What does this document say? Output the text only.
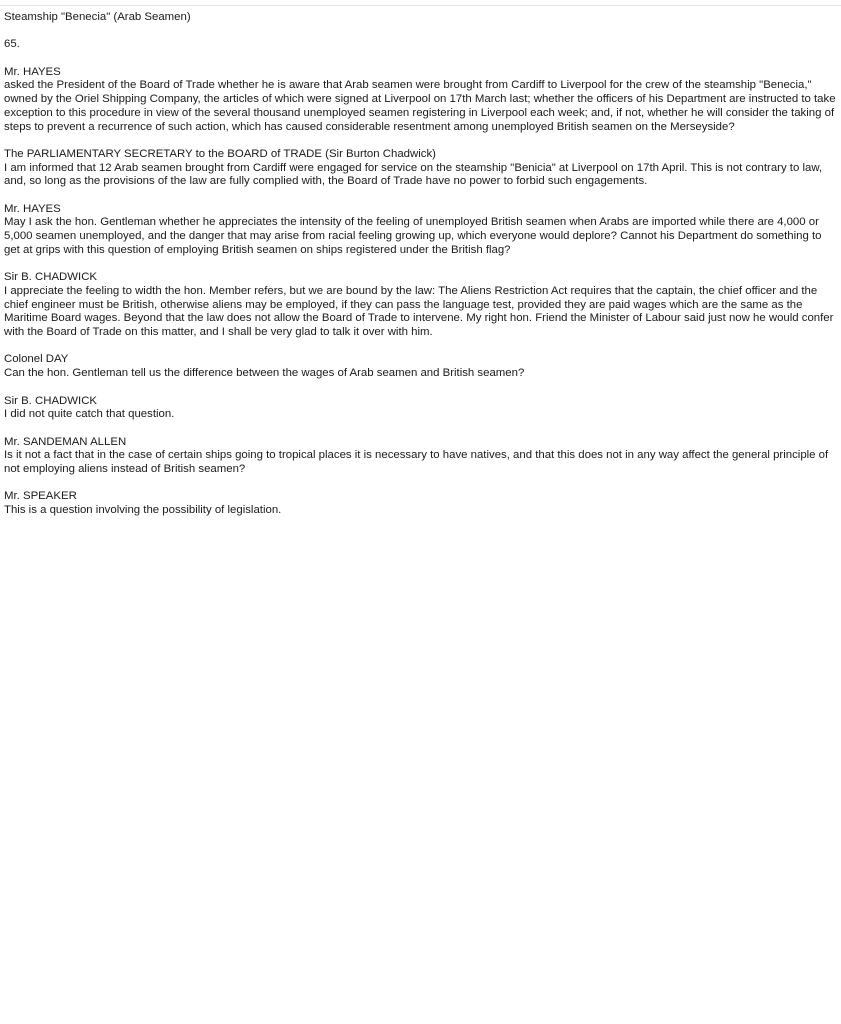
Steamship "Benecia" (Arab Seamen)
65.
Mr. HAYES
asked the President of the Board of Trade whether he is aware that Arab seamen were brought from Cardiff to Liverpool for the crew of the steamship "Benecia," owned by the Oriel Shipping Company, the articles of which were signed at Liverpool on 17th March last; whether the officers of his Department are instructed to take exception to this procedure in view of the several thousand unemployed seamen registering in Liverpool each week; and, if not, whether he will consider the taking of steps to prevent a recurrence of such action, which has caused considerable resentment among unemployed British seamen on the Merseyside?
The PARLIAMENTARY SECRETARY to the BOARD of TRADE (Sir Burton Chadwick)
I am informed that 12 Arab seamen brought from Cardiff were engaged for service on the steamship "Benicia" at Liverpool on 17th April. This is not contrary to law, and, so long as the provisions of the law are fully complied with, the Board of Trade have no power to forbid such engagements.
Mr. HAYES
May I ask the hon. Gentleman whether he appreciates the intensity of the feeling of unemployed British seamen when Arabs are imported while there are 4,000 or 5,000 seamen unemployed, and the danger that may arise from racial feeling growing up, which everyone would deplore? Cannot his Department do something to get at grips with this question of employing British seamen on ships registered under the British flag?
Sir B. CHADWICK
I appreciate the feeling to width the hon. Member refers, but we are bound by the law: The Aliens Restriction Act requires that the captain, the chief officer and the chief engineer must be British, otherwise aliens may be employed, if they can pass the language test, provided they are paid wages which are the same as the Maritime Board wages. Beyond that the law does not allow the Board of Trade to intervene. My right hon. Friend the Minister of Labour said just now he would confer with the Board of Trade on this matter, and I shall be very glad to talk it over with him.
Colonel DAY
Can the hon. Gentleman tell us the difference between the wages of Arab seamen and British seamen?
Sir B. CHADWICK
I did not quite catch that question.
Mr. SANDEMAN ALLEN
Is it not a fact that in the case of certain ships going to tropical places it is necessary to have natives, and that this does not in any way affect the general principle of not employing aliens instead of British seamen?
Mr. SPEAKER
This is a question involving the possibility of legislation.
